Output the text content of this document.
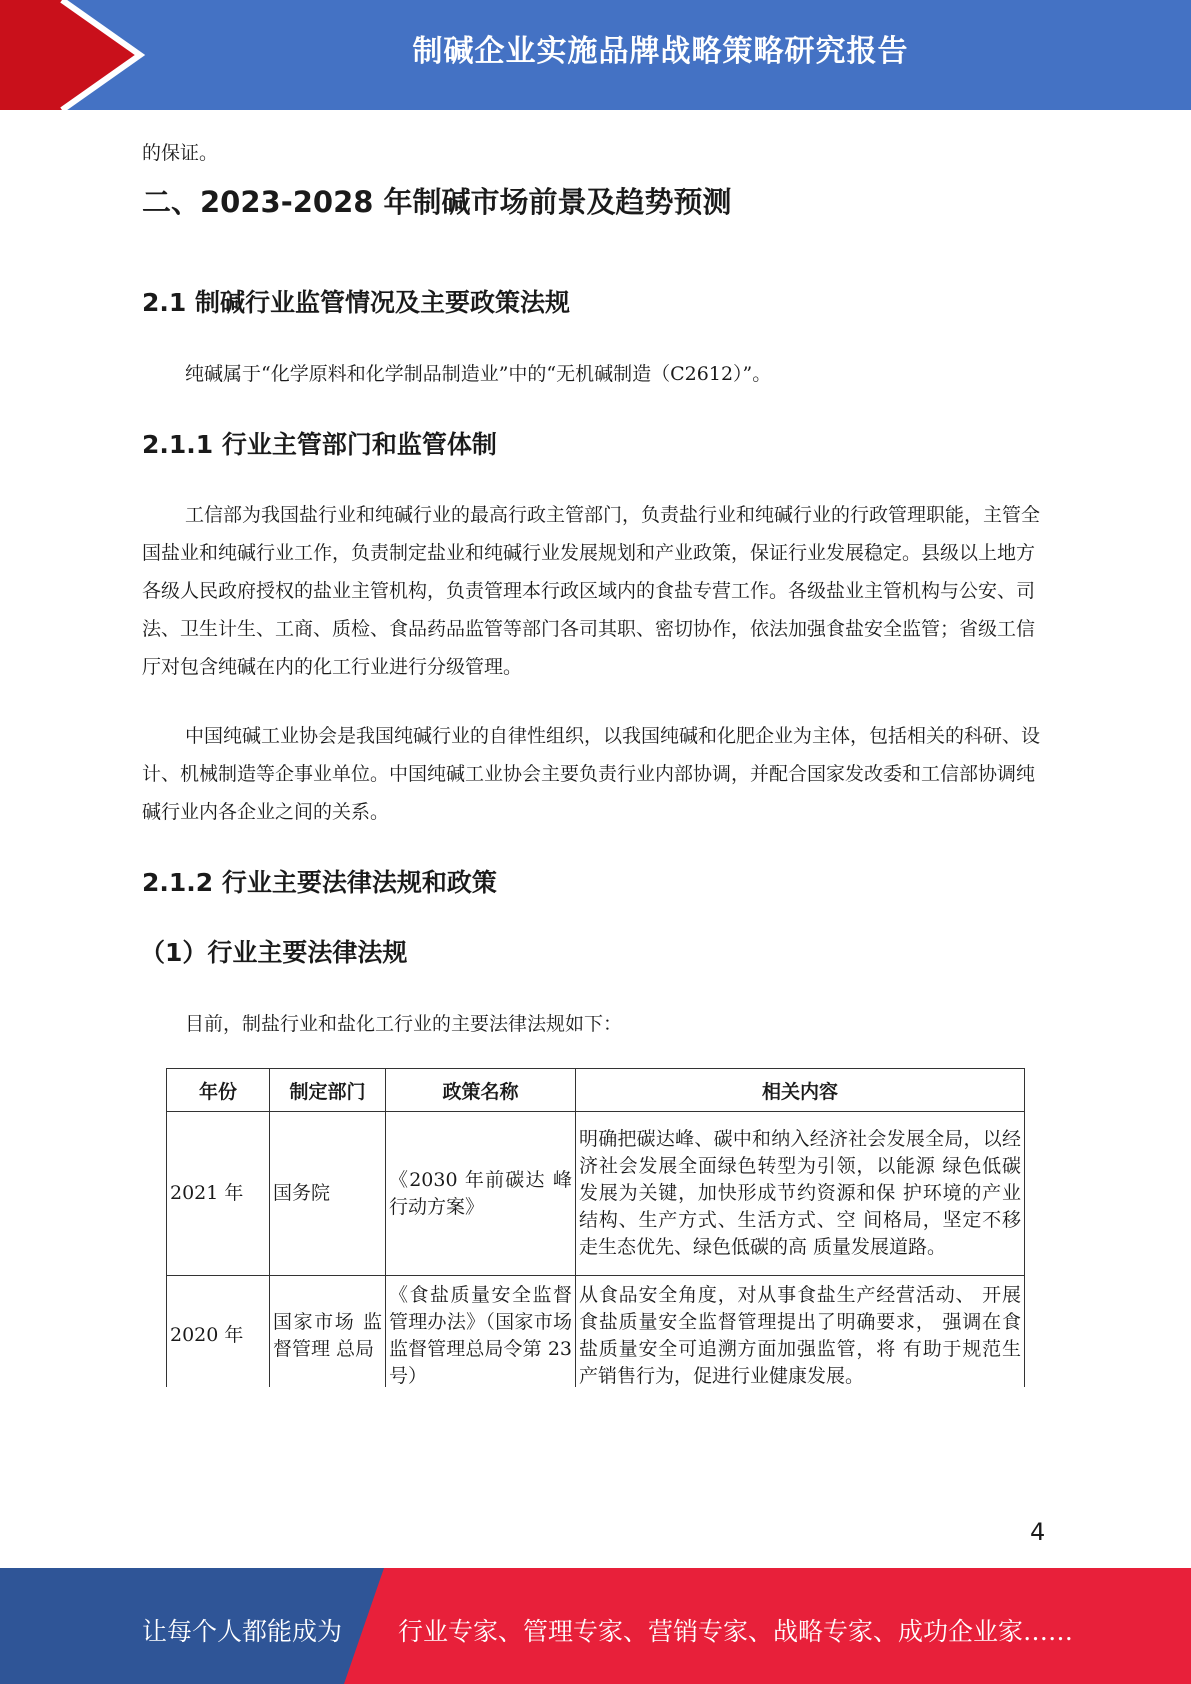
制碱企业实施品牌战略策略研究报告
的保证。
二、2023-2028 年制碱市场前景及趋势预测
2.1 制碱行业监管情况及主要政策法规
纯碱属于“化学原料和化学制品制造业”中的“无机碱制造（C2612）”。
2.1.1 行业主管部门和监管体制
工信部为我国盐行业和纯碱行业的最高行政主管部门，负责盐行业和纯碱行业的行政管理职能，主管全国盐业和纯碱行业工作，负责制定盐业和纯碱行业发展规划和产业政策，保证行业发展稳定。县级以上地方各级人民政府授权的盐业主管机构，负责管理本行政区域内的食盐专营工作。各级盐业主管机构与公安、司法、卫生计生、工商、质检、食品药品监管等部门各司其职、密切协作，依法加强食盐安全监管；省级工信厅对包含纯碱在内的化工行业进行分级管理。
中国纯碱工业协会是我国纯碱行业的自律性组织，以我国纯碱和化肥企业为主体，包括相关的科研、设计、机械制造等企事业单位。中国纯碱工业协会主要负责行业内部协调，并配合国家发改委和工信部协调纯碱行业内各企业之间的关系。
2.1.2 行业主要法律法规和政策
（1）行业主要法律法规
目前，制盐行业和盐化工行业的主要法律法规如下：
年份	制定部门	政策名称	相关内容
2021 年	国务院	《2030 年前碳达 峰行动方案》	明确把碳达峰、碳中和纳入经济社会发展全局，以经济社会发展全面绿色转型为引领，以能源 绿色低碳发展为关键，加快形成节约资源和保 护环境的产业结构、生产方式、生活方式、空 间格局，坚定不移走生态优先、绿色低碳的高 质量发展道路。
2020 年	国家市场 监督管理 总局	《食盐质量安全监督管理办法》（国家市场监督管理总局令第 23 号）	从食品安全角度，对从事食盐生产经营活动、 开展食盐质量安全监督管理提出了明确要求， 强调在食盐质量安全可追溯方面加强监管，将 有助于规范生产销售行为，促进行业健康发展。
4
让每个人都能成为 行业专家、管理专家、营销专家、战略专家、成功企业家……
